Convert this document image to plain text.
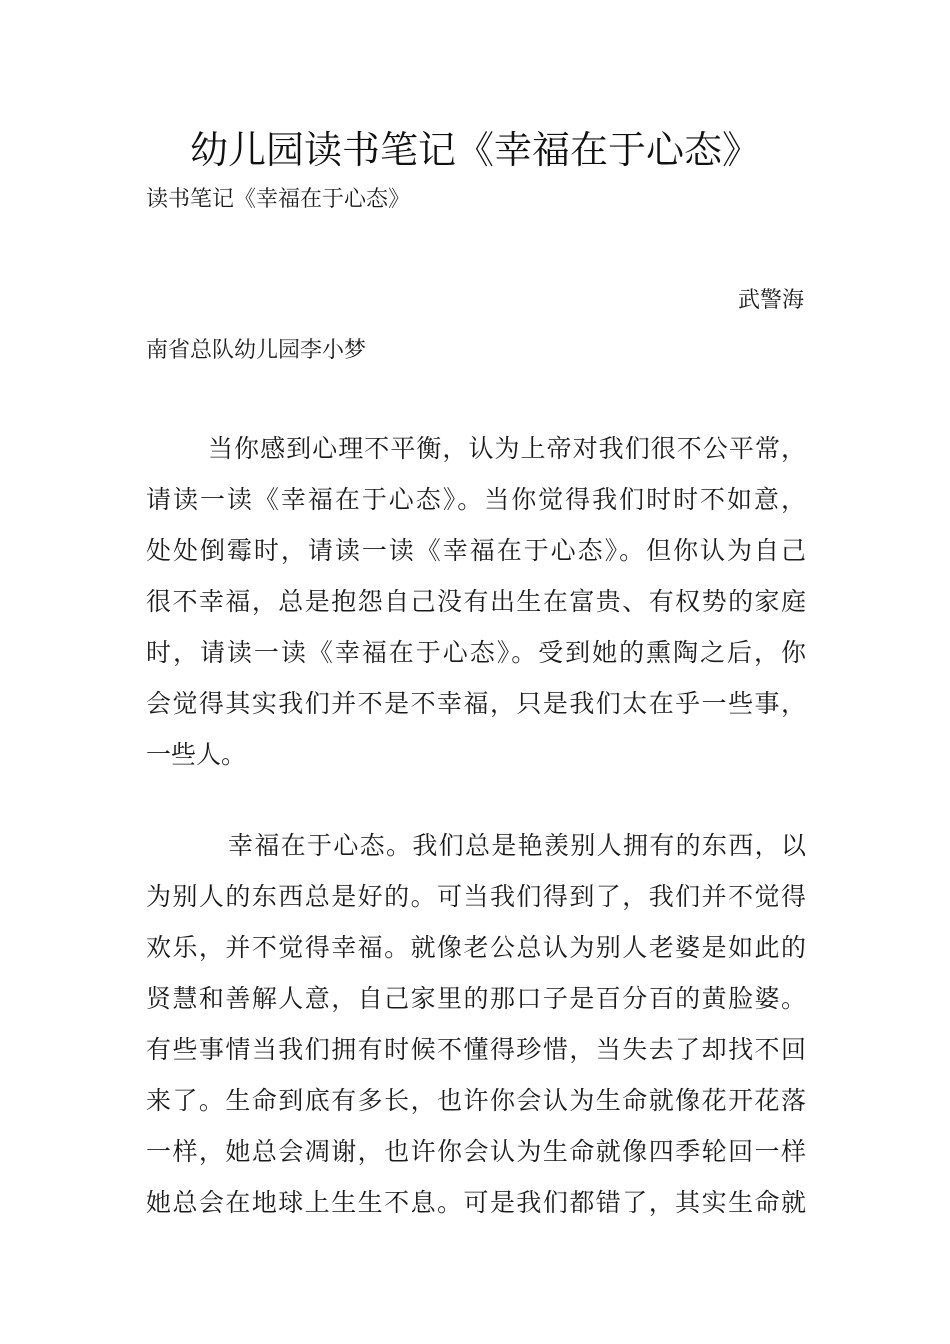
幼儿园读书笔记《幸福在于心态》
读书笔记《幸福在于心态》
武警海
南省总队幼儿园李小梦
当你感到心理不平衡，认为上帝对我们很不公平常，
请读一读《幸福在于心态》。当你觉得我们时时不如意，
处处倒霉时，请读一读《幸福在于心态》。但你认为自己
很不幸福，总是抱怨自己没有出生在富贵、有权势的家庭
时，请读一读《幸福在于心态》。受到她的熏陶之后，你
会觉得其实我们并不是不幸福，只是我们太在乎一些事，
一些人。
幸福在于心态。我们总是艳羡别人拥有的东西，以
为别人的东西总是好的。可当我们得到了，我们并不觉得
欢乐，并不觉得幸福。就像老公总认为别人老婆是如此的
贤慧和善解人意，自己家里的那口子是百分百的黄脸婆。
有些事情当我们拥有时候不懂得珍惜，当失去了却找不回
来了。生命到底有多长，也许你会认为生命就像花开花落
一样，她总会凋谢，也许你会认为生命就像四季轮回一样
她总会在地球上生生不息。可是我们都错了，其实生命就
